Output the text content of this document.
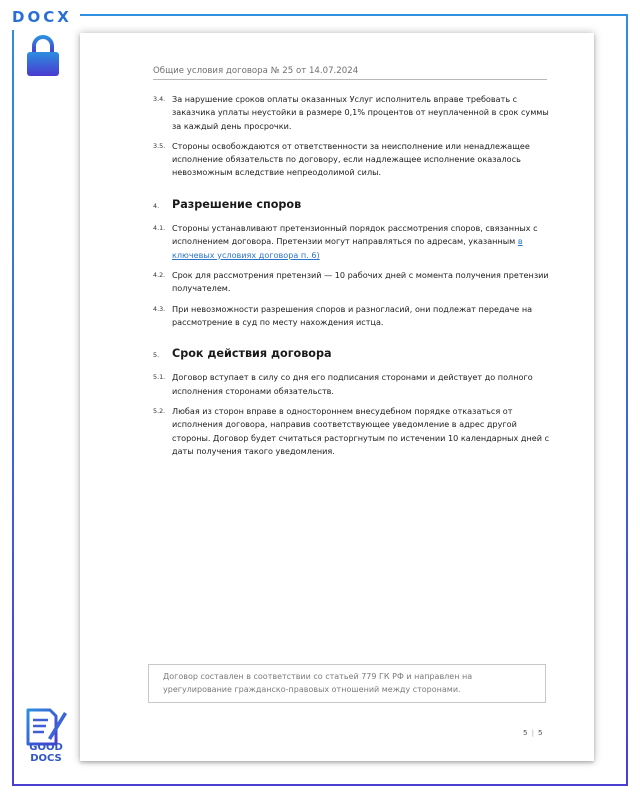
DOCX
Общие условия договора № 25 от 14.07.2024
3.4. За нарушение сроков оплаты оказанных Услуг исполнитель вправе требовать с заказчика уплаты неустойки в размере 0,1% процентов от неуплаченной в срок суммы за каждый день просрочки.
3.5. Стороны освобождаются от ответственности за неисполнение или ненадлежащее исполнение обязательств по договору, если надлежащее исполнение оказалось невозможным вследствие непреодолимой силы.
4.	Разрешение споров
4.1. Стороны устанавливают претензионный порядок рассмотрения споров, связанных с исполнением договора. Претензии могут направляться по адресам, указанным в ключевых условиях договора п. 6)
4.2. Срок для рассмотрения претензий — 10 рабочих дней с момента получения претензии получателем.
4.3. При невозможности разрешения споров и разногласий, они подлежат передаче на рассмотрение в суд по месту нахождения истца.
5.	Срок действия договора
5.1. Договор вступает в силу со дня его подписания сторонами и действует до полного исполнения сторонами обязательств.
5.2. Любая из сторон вправе в одностороннем внесудебном порядке отказаться от исполнения договора, направив соответствующее уведомление в адрес другой стороны. Договор будет считаться расторгнутым по истечении 10 календарных дней с даты получения такого уведомления.
Договор составлен в соответствии со статьей 779 ГК РФ и направлен на урегулирование гражданско-правовых отношений между сторонами.
5 | 5
GOOD DOCS
